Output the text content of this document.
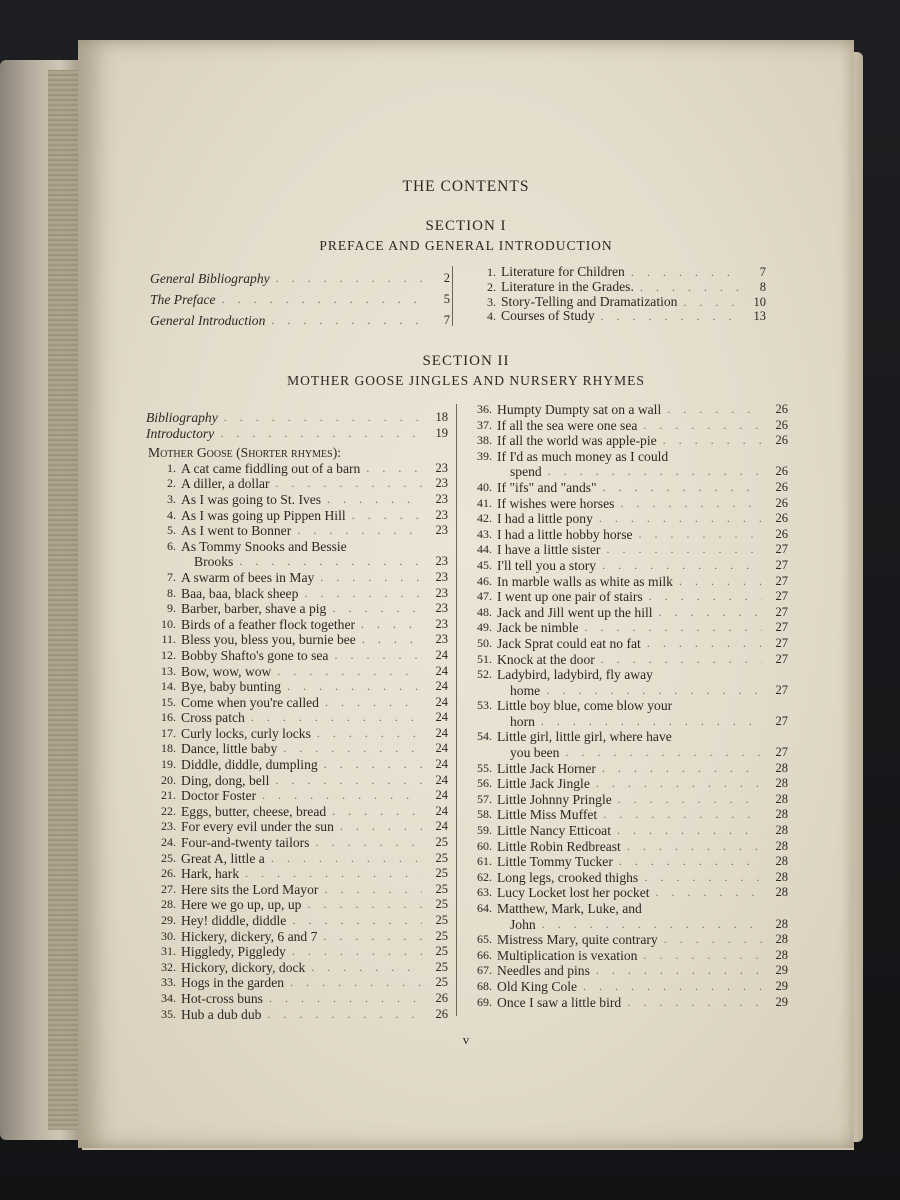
THE CONTENTS
SECTION I
PREFACE AND GENERAL INTRODUCTION
General Bibliography . . .	2
The Preface . . .	5
General Introduction . . .	7
1. Literature for Children . . .	7
2. Literature in the Grades. . . .	8
3. Story-Telling and Dramatization . . .	10
4. Courses of Study . . .	13
SECTION II
MOTHER GOOSE JINGLES AND NURSERY RHYMES
Bibliography . . .	18
Introductory . . .	19
Mother Goose (Shorter rhymes):
1. A cat came fiddling out of a barn . . .	23
2. A diller, a dollar . . .	23
3. As I was going to St. Ives . . .	23
4. As I was going up Pippen Hill . . .	23
5. As I went to Bonner . . .	23
6. As Tommy Snooks and Bessie
Brooks . . .	23
7. A swarm of bees in May . . .	23
8. Baa, baa, black sheep . . .	23
9. Barber, barber, shave a pig . . .	23
10. Birds of a feather flock together . . .	23
11. Bless you, bless you, burnie bee . . .	23
12. Bobby Shafto's gone to sea . . .	24
13. Bow, wow, wow . . .	24
14. Bye, baby bunting . . .	24
15. Come when you're called . . .	24
16. Cross patch . . .	24
17. Curly locks, curly locks . . .	24
18. Dance, little baby . . .	24
19. Diddle, diddle, dumpling . . .	24
20. Ding, dong, bell . . .	24
21. Doctor Foster . . .	24
22. Eggs, butter, cheese, bread . . .	24
23. For every evil under the sun . . .	24
24. Four-and-twenty tailors . . .	25
25. Great A, little a . . .	25
26. Hark, hark . . .	25
27. Here sits the Lord Mayor . . .	25
28. Here we go up, up, up . . .	25
29. Hey! diddle, diddle . . .	25
30. Hickery, dickery, 6 and 7 . . .	25
31. Higgledy, Piggledy . . .	25
32. Hickory, dickory, dock . . .	25
33. Hogs in the garden . . .	25
34. Hot-cross buns . . .	26
35. Hub a dub dub . . .	26
36. Humpty Dumpty sat on a wall . . .	26
37. If all the sea were one sea . . .	26
38. If all the world was apple-pie . . .	26
39. If I'd as much money as I could
spend . . .	26
40. If "ifs" and "ands" . . .	26
41. If wishes were horses . . .	26
42. I had a little pony . . .	26
43. I had a little hobby horse . . .	26
44. I have a little sister . . .	27
45. I'll tell you a story . . .	27
46. In marble walls as white as milk . . .	27
47. I went up one pair of stairs . . .	27
48. Jack and Jill went up the hill . . .	27
49. Jack be nimble . . .	27
50. Jack Sprat could eat no fat . . .	27
51. Knock at the door . . .	27
52. Ladybird, ladybird, fly away
home . . .	27
53. Little boy blue, come blow your
horn . . .	27
54. Little girl, little girl, where have
you been . . .	27
55. Little Jack Horner . . .	28
56. Little Jack Jingle . . .	28
57. Little Johnny Pringle . . .	28
58. Little Miss Muffet . . .	28
59. Little Nancy Etticoat . . .	28
60. Little Robin Redbreast . . .	28
61. Little Tommy Tucker . . .	28
62. Long legs, crooked thighs . . .	28
63. Lucy Locket lost her pocket . . .	28
64. Matthew, Mark, Luke, and
John . . .	28
65. Mistress Mary, quite contrary . . .	28
66. Multiplication is vexation . . .	28
67. Needles and pins . . .	29
68. Old King Cole . . .	29
69. Once I saw a little bird . . .	29
v
